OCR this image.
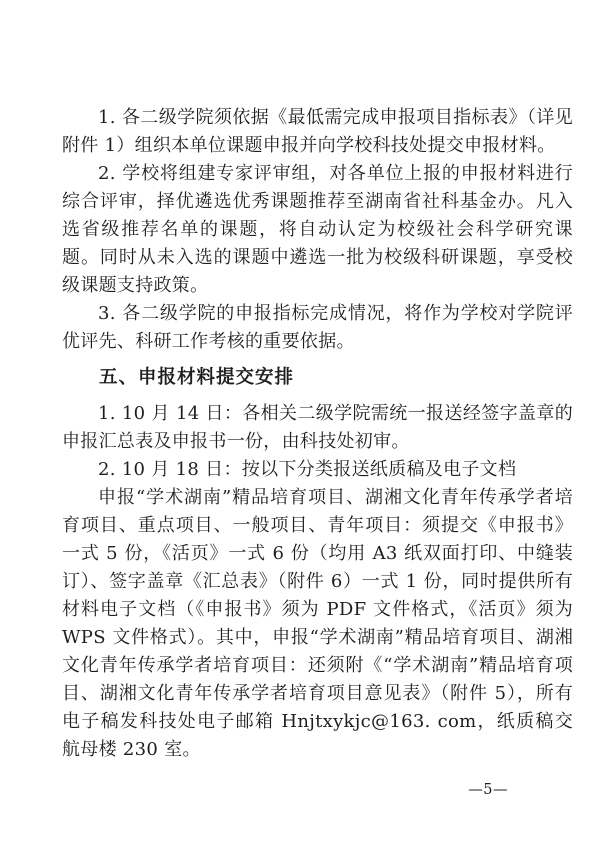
1. 各二级学院须依据《最低需完成申报项目指标表》（详见附件 1）组织本单位课题申报并向学校科技处提交申报材料。

2. 学校将组建专家评审组，对各单位上报的申报材料进行综合评审，择优遴选优秀课题推荐至湖南省社科基金办。凡入选省级推荐名单的课题，将自动认定为校级社会科学研究课题。同时从未入选的课题中遴选一批为校级科研课题，享受校级课题支持政策。

3. 各二级学院的申报指标完成情况，将作为学校对学院评优评先、科研工作考核的重要依据。

五、申报材料提交安排

1. 10 月 14 日：各相关二级学院需统一报送经签字盖章的申报汇总表及申报书一份，由科技处初审。

2. 10 月 18 日：按以下分类报送纸质稿及电子文档

申报“学术湖南”精品培育项目、湖湘文化青年传承学者培育项目、重点项目、一般项目、青年项目：须提交《申报书》一式 5 份，《活页》一式 6 份（均用 A3 纸双面打印、中缝装订）、签字盖章《汇总表》（附件 6）一式 1 份，同时提供所有材料电子文档（《申报书》须为 PDF 文件格式，《活页》须为 WPS 文件格式）。其中，申报“学术湖南”精品培育项目、湖湘文化青年传承学者培育项目：还须附《“学术湖南”精品培育项目、湖湘文化青年传承学者培育项目意见表》（附件 5），所有电子稿发科技处电子邮箱 Hnjtxykjc@163. com，纸质稿交航母楼 230 室。

—5—
